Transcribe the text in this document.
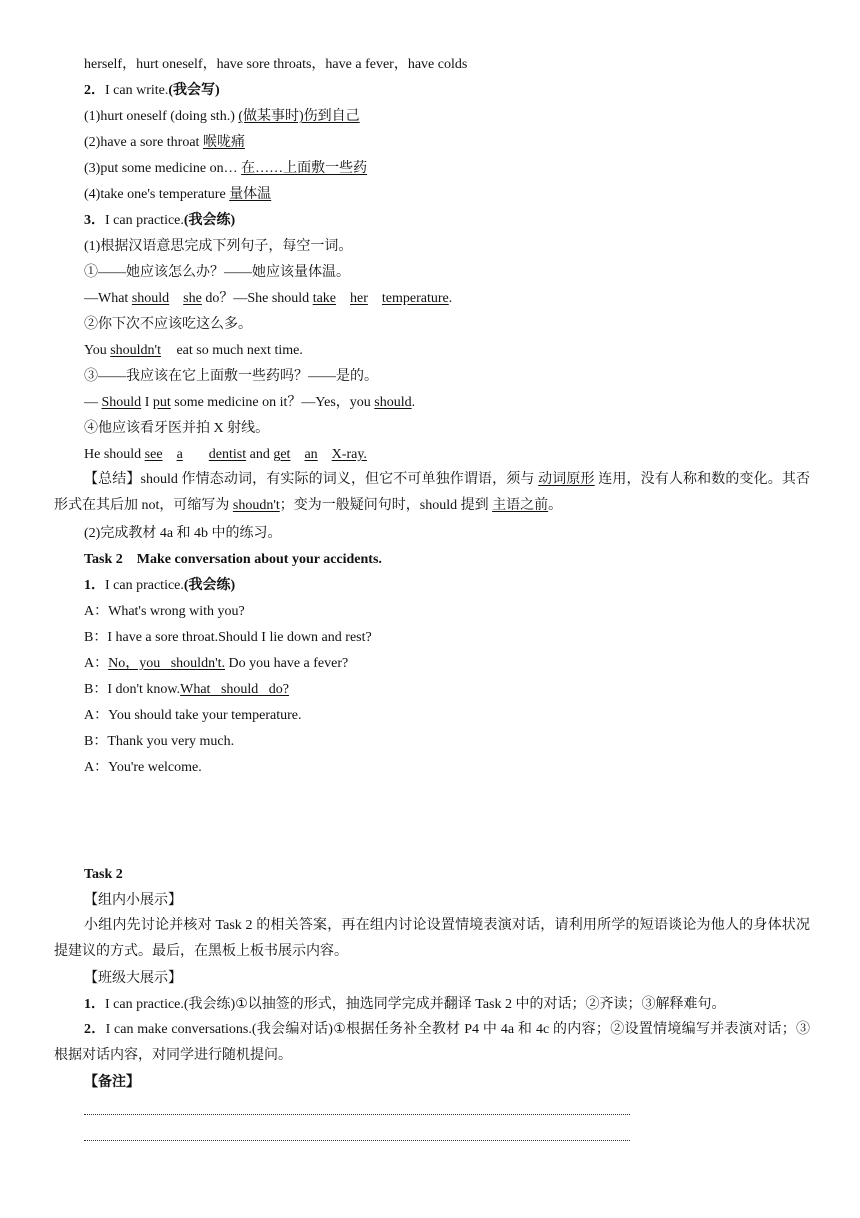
herself，hurt oneself，have sore throats，have a fever，have colds
2．I can write.(我会写)
(1)hurt oneself (doing sth.) (做某事时)伤到自己
(2)have a sore throat 喉咙痛
(3)put some medicine on… 在……上面敷一些药
(4)take one's temperature 量体温
3．I can practice.(我会练)
(1)根据汉语意思完成下列句子，每空一词。
①——她应该怎么办？——她应该量体温。
—What should she do？—She should take her temperature.
②你下次不应该吃这么多。
You shouldn't eat so much next time.
③——我应该在它上面敷一些药吗？——是的。
— Should I put some medicine on it？—Yes，you should.
④他应该看牙医并拍 X 射线。
He should see a dentist and get an X-ray.
【总结】should 作情态动词，有实际的词义，但它不可单独作谓语，须与 动词原形 连用，没有人称和数的变化。其否形式在其后加 not，可缩写为 shoudn't；变为一般疑问句时，should 提到 主语之前。
(2)完成教材 4a 和 4b 中的练习。
Task 2　Make conversation about your accidents.
1．I can practice.(我会练)
A：What's wrong with you?
B：I have a sore throat.Should I lie down and rest?
A：No，you   shouldn't. Do you have a fever?
B：I don't know.What   should   do?
A：You should take your temperature.
B：Thank you very much.
A：You're welcome.
Task 2
【组内小展示】
小组内先讨论并核对 Task 2 的相关答案，再在组内讨论设置情境表演对话，请利用所学的短语谈论为他人的身体状况提建议的方式。最后，在黑板上板书展示内容。
【班级大展示】
1．I can practice.(我会练)①以抽签的形式，抽选同学完成并翻译 Task 2 中的对话；②齐读；③解释难句。
2．I can make conversations.(我会编对话)①根据任务补全教材 P4 中 4a 和 4c 的内容；②设置情境编写并表演对话；③根据对话内容，对同学进行随机提问。
【备注】
